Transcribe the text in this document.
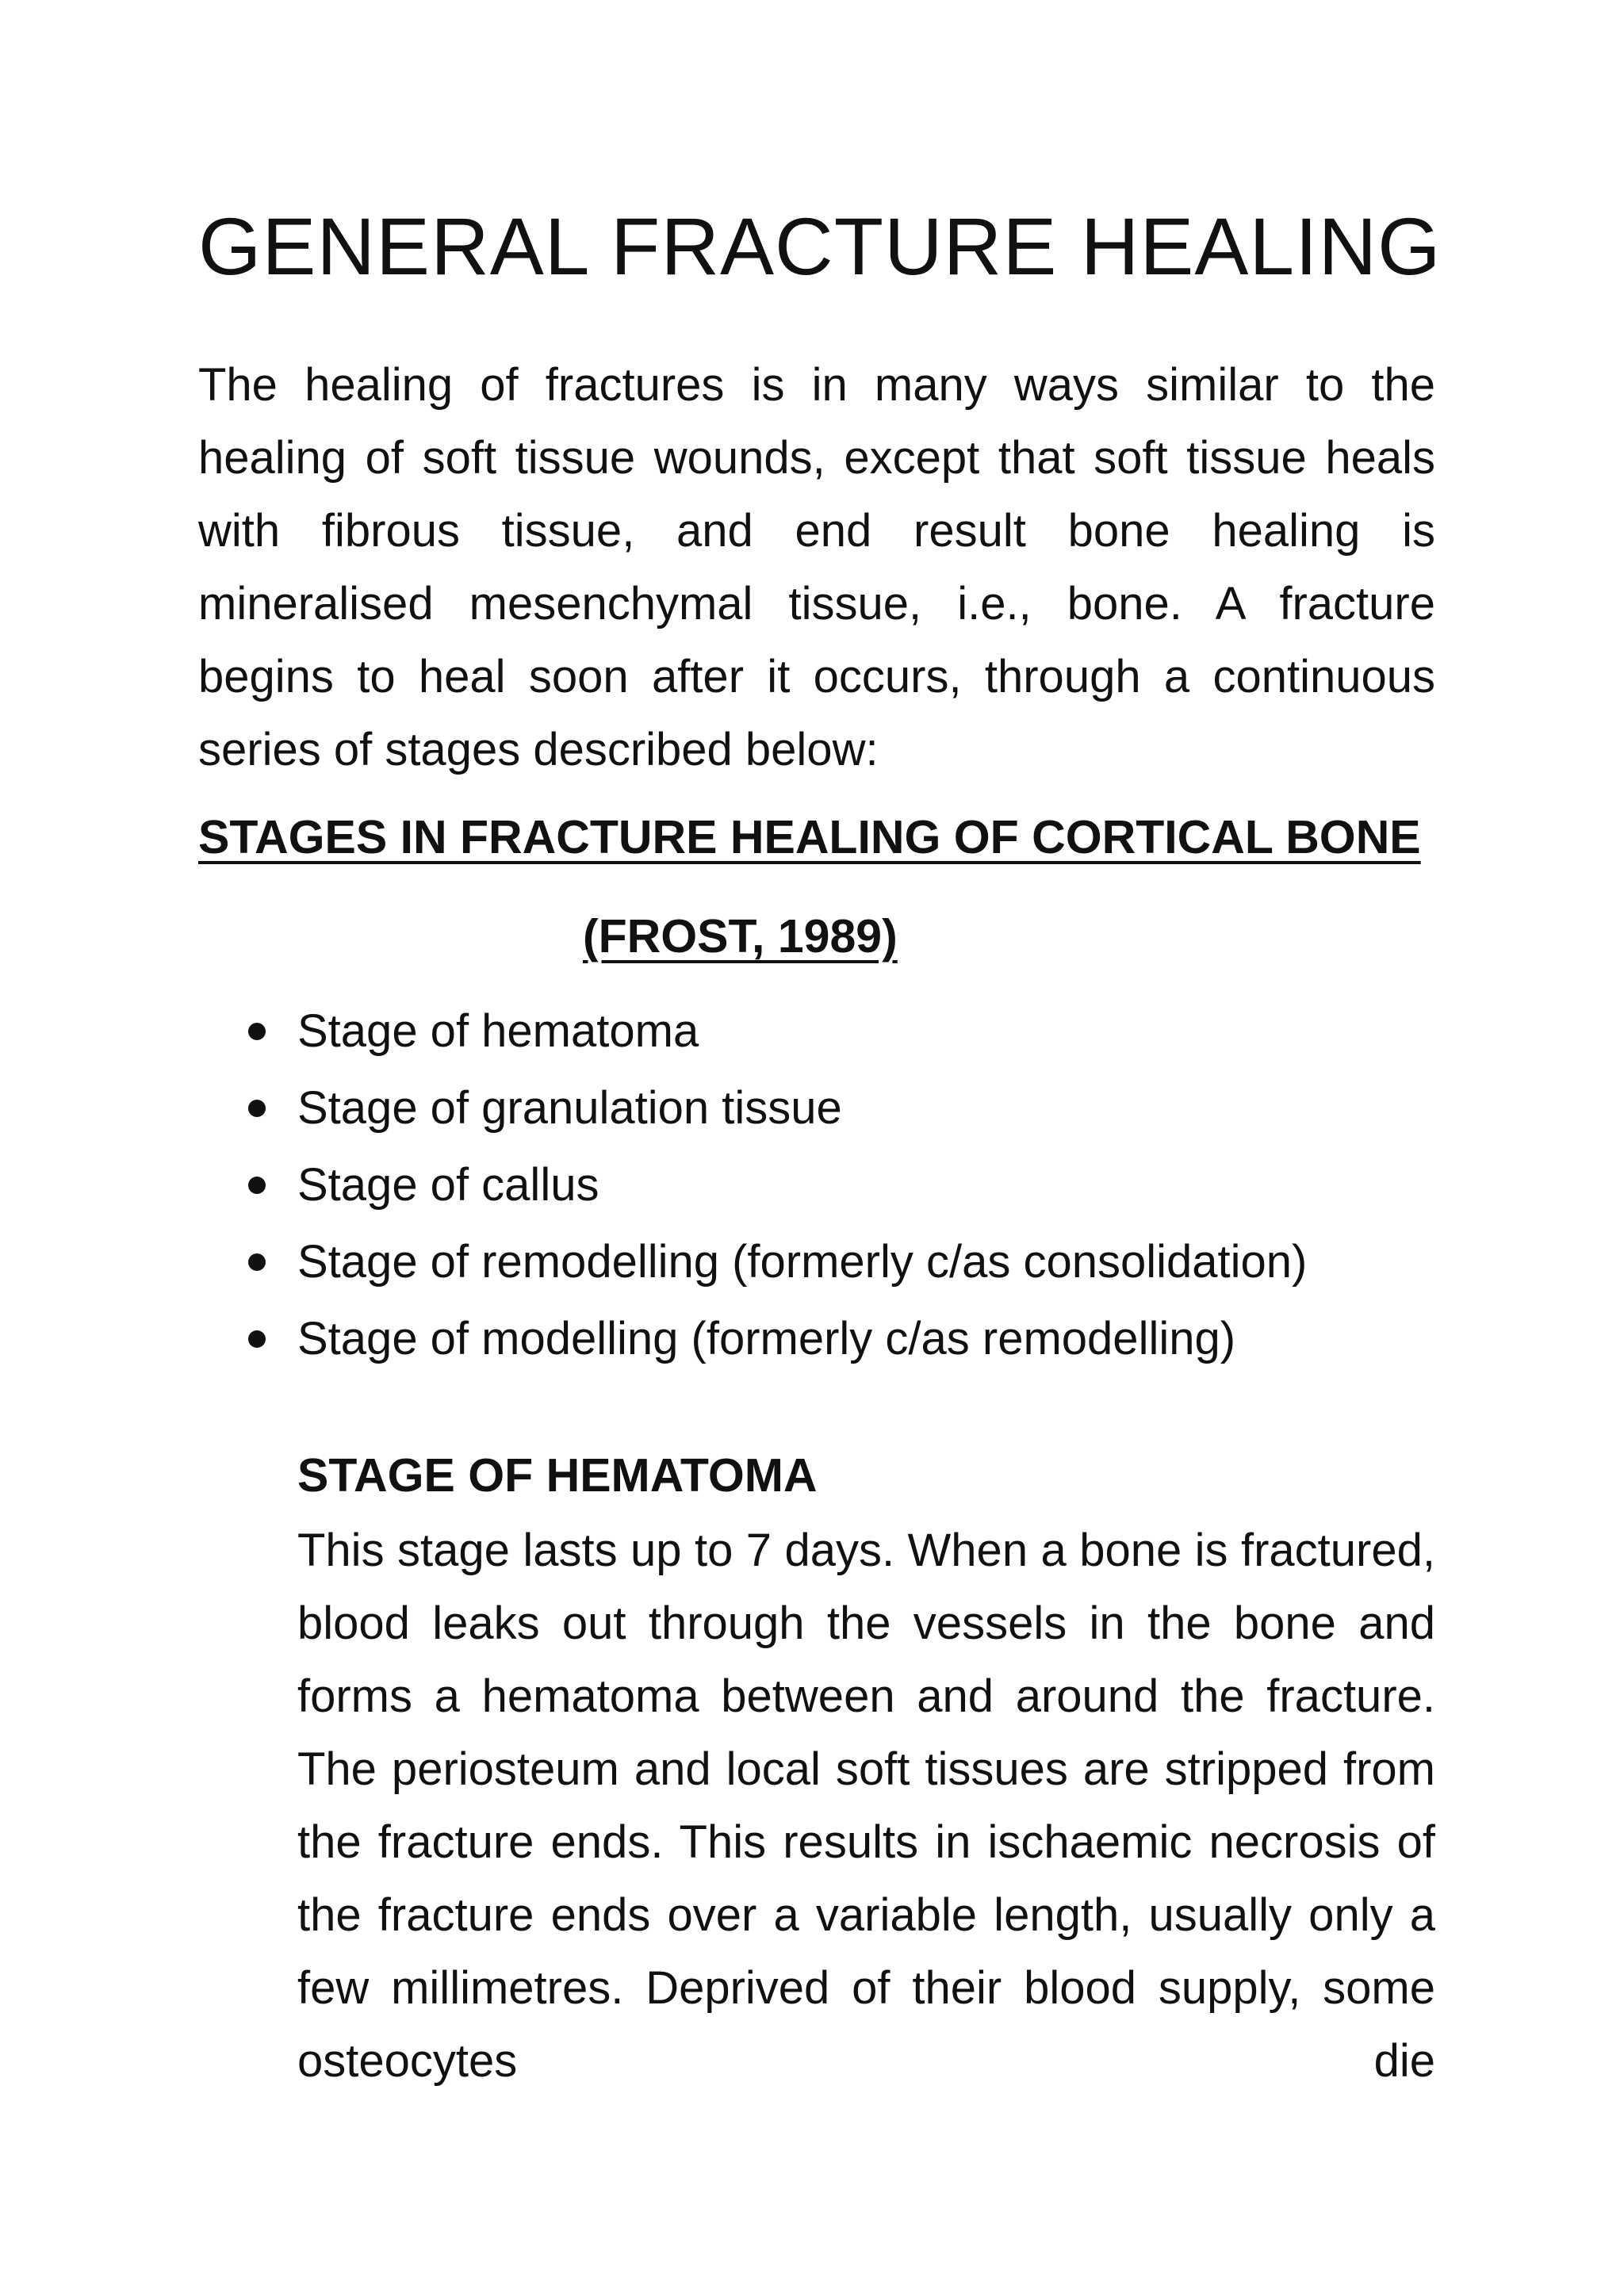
GENERAL FRACTURE HEALING

The healing of fractures is in many ways similar to the healing of soft tissue wounds, except that soft tissue heals with fibrous tissue, and end result bone healing is mineralised mesenchymal tissue, i.e., bone. A fracture begins to heal soon after it occurs, through a continuous series of stages described below:

STAGES IN FRACTURE HEALING OF CORTICAL BONE
(FROST, 1989)
Stage of hematoma
Stage of granulation tissue
Stage of callus
Stage of remodelling (formerly c/as consolidation)
Stage of modelling (formerly c/as remodelling)
STAGE OF HEMATOMA

This stage lasts up to 7 days. When a bone is fractured, blood leaks out through the vessels in the bone and forms a hematoma between and around the fracture. The periosteum and local soft tissues are stripped from the fracture ends. This results in ischaemic necrosis of the fracture ends over a variable length, usually only a few millimetres. Deprived of their blood supply, some osteocytes die
